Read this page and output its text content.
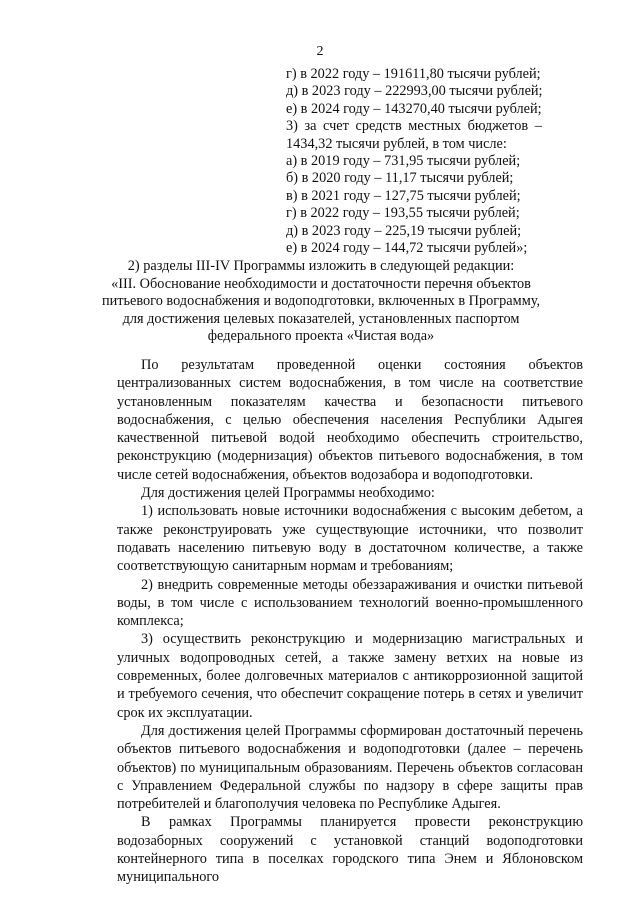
2
г) в 2022 году – 191611,80 тысячи рублей;
д) в 2023 году – 222993,00 тысячи рублей;
е) в 2024 году – 143270,40 тысячи рублей;
3) за счет средств местных бюджетов –
1434,32 тысячи рублей, в том числе:
а) в 2019 году – 731,95 тысячи рублей;
б) в 2020 году – 11,17 тысячи рублей;
в) в 2021 году – 127,75 тысячи рублей;
г) в 2022 году – 193,55 тысячи рублей;
д) в 2023 году – 225,19 тысячи рублей;
е) в 2024 году – 144,72 тысячи рублей»;
2) разделы III-IV Программы изложить в следующей редакции:
«III. Обоснование необходимости и достаточности перечня объектов
питьевого водоснабжения и водоподготовки, включенных в Программу,
для достижения целевых показателей, установленных паспортом
федерального проекта «Чистая вода»

По результатам проведенной оценки состояния объектов централизованных систем водоснабжения, в том числе на соответствие установленным показателям качества и безопасности питьевого водоснабжения, с целью обеспечения населения Республики Адыгея качественной питьевой водой необходимо обеспечить строительство, реконструкцию (модернизация) объектов питьевого водоснабжения, в том числе сетей водоснабжения, объектов водозабора и водоподготовки.

Для достижения целей Программы необходимо:

1) использовать новые источники водоснабжения с высоким дебетом, а также реконструировать уже существующие источники, что позволит подавать населению питьевую воду в достаточном количестве, а также соответствующую санитарным нормам и требованиям;

2) внедрить современные методы обеззараживания и очистки питьевой воды, в том числе с использованием технологий военно-промышленного комплекса;

3) осуществить реконструкцию и модернизацию магистральных и уличных водопроводных сетей, а также замену ветхих на новые из современных, более долговечных материалов с антикоррозионной защитой и требуемого сечения, что обеспечит сокращение потерь в сетях и увеличит срок их эксплуатации.

Для достижения целей Программы сформирован достаточный перечень объектов питьевого водоснабжения и водоподготовки (далее – перечень объектов) по муниципальным образованиям. Перечень объектов согласован с Управлением Федеральной службы по надзору в сфере защиты прав потребителей и благополучия человека по Республике Адыгея.

В рамках Программы планируется провести реконструкцию водозаборных сооружений с установкой станций водоподготовки контейнерного типа в поселках городского типа Энем и Яблоновском муниципального
